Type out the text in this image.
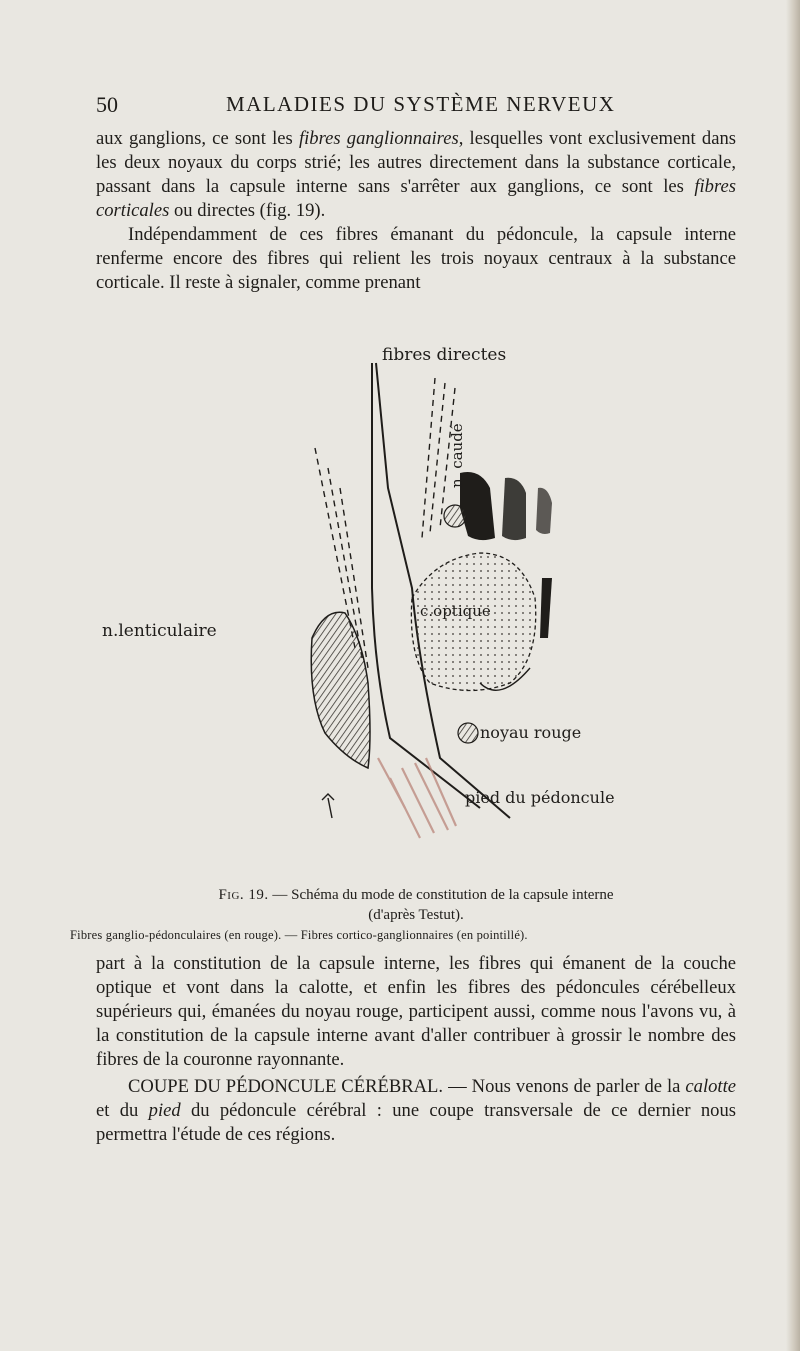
50	MALADIES DU SYSTÈME NERVEUX

aux ganglions, ce sont les fibres ganglionnaires, lesquelles vont exclusivement dans les deux noyaux du corps strié; les autres directement dans la substance corticale, passant dans la capsule interne sans s'arrêter aux ganglions, ce sont les fibres corticales ou directes (fig. 19).

Indépendamment de ces fibres émanant du pédoncule, la capsule interne renferme encore des fibres qui relient les trois noyaux centraux à la substance corticale. Il reste à signaler, comme prenant

fibres directes
n. caudé
n.lenticulaire
c.optique
noyau rouge
pied du pédoncule
Fig. 19. — Schéma du mode de constitution de la capsule interne
(d'après Testut).
Fibres ganglio-pédonculaires (en rouge). — Fibres cortico-ganglionnaires (en pointillé).

part à la constitution de la capsule interne, les fibres qui émanent de la couche optique et vont dans la calotte, et enfin les fibres des pédoncules cérébelleux supérieurs qui, émanées du noyau rouge, participent aussi, comme nous l'avons vu, à la constitution de la capsule interne avant d'aller contribuer à grossir le nombre des fibres de la couronne rayonnante.

COUPE DU PÉDONCULE CÉRÉBRAL. — Nous venons de parler de la calotte et du pied du pédoncule cérébral : une coupe transversale de ce dernier nous permettra l'étude de ces régions.
